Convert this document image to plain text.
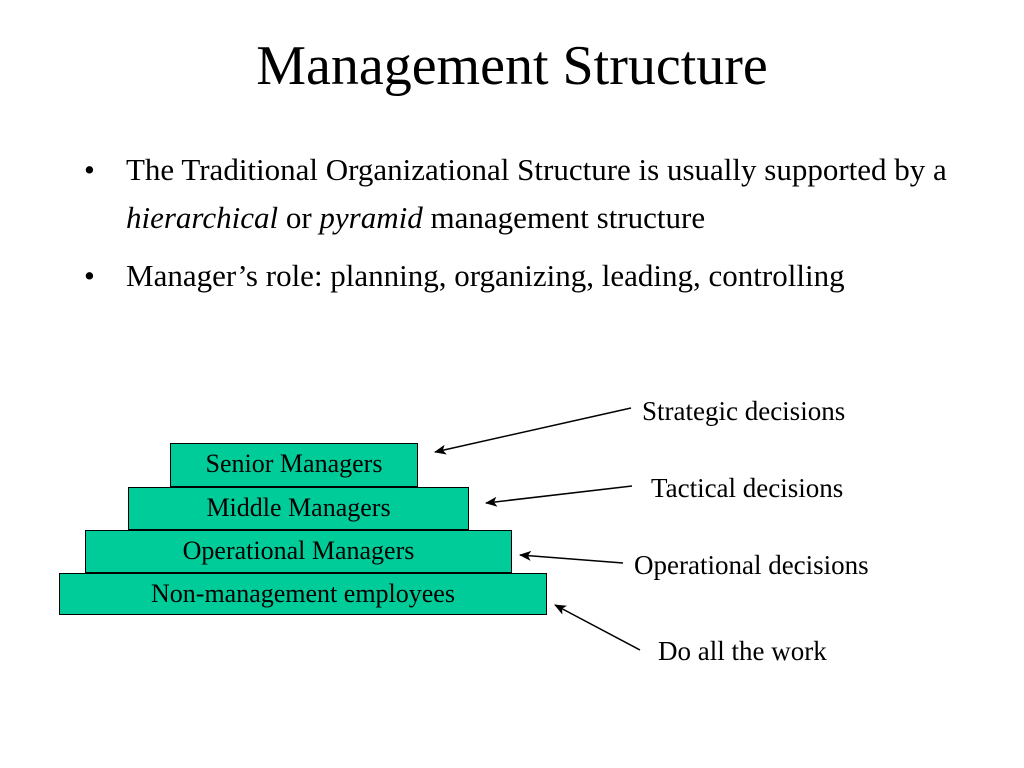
Management Structure
•	The Traditional Organizational Structure is usually supported by a hierarchical or pyramid management structure
•	Manager’s role: planning, organizing, leading, controlling
Senior Managers
Middle Managers
Operational Managers
Non-management employees
Strategic decisions
Tactical decisions
Operational decisions
Do all the work
